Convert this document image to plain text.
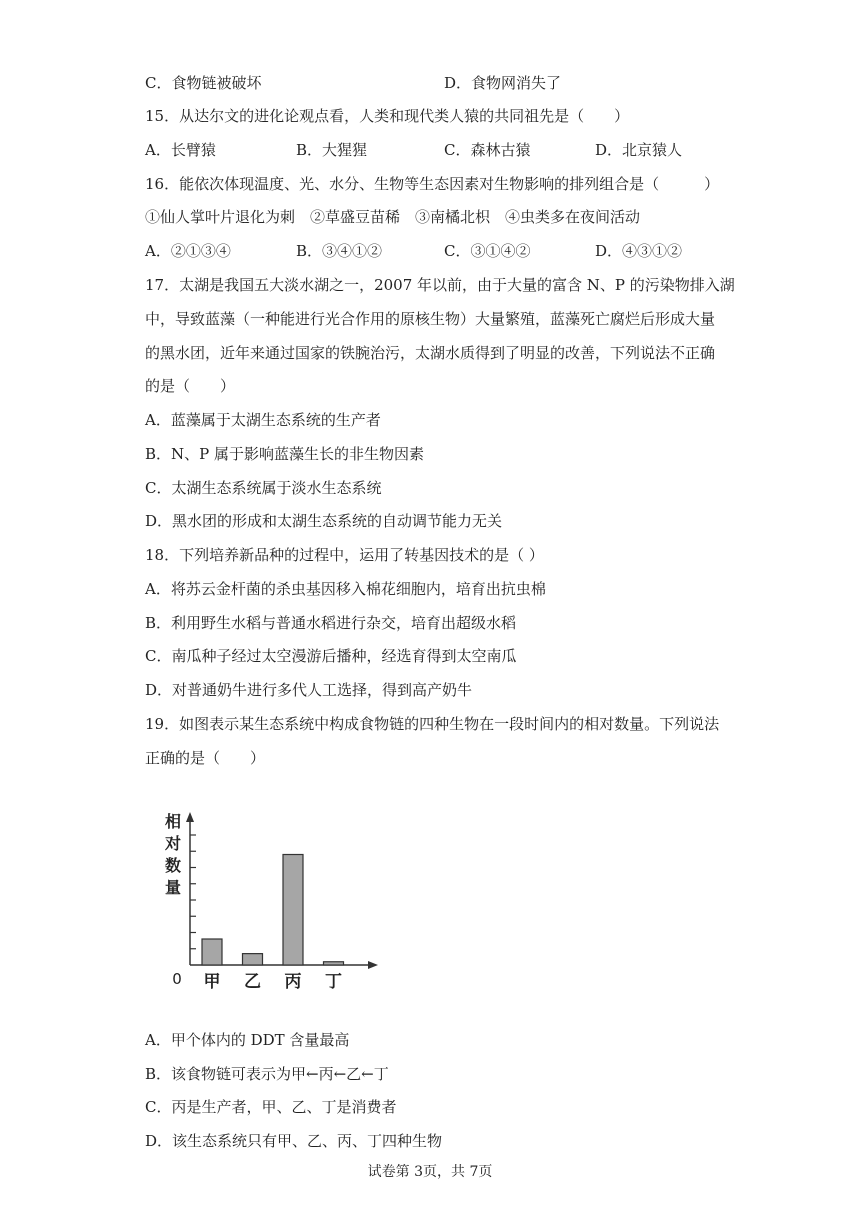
C．食物链被破坏	D．食物网消失了
15．从达尔文的进化论观点看，人类和现代类人猿的共同祖先是（　　）
A．长臂猿	B．大猩猩	C．森林古猿	D．北京猿人
16．能依次体现温度、光、水分、生物等生态因素对生物影响的排列组合是（　　　）
①仙人掌叶片退化为刺　②草盛豆苗稀　③南橘北枳　④虫类多在夜间活动
A．②①③④	B．③④①②	C．③①④②	D．④③①②
17．太湖是我国五大淡水湖之一，2007 年以前，由于大量的富含 N、P 的污染物排入湖
中，导致蓝藻（一种能进行光合作用的原核生物）大量繁殖，蓝藻死亡腐烂后形成大量
的黑水团，近年来通过国家的铁腕治污，太湖水质得到了明显的改善，下列说法不正确
的是（　　）
A．蓝藻属于太湖生态系统的生产者
B．N、P 属于影响蓝藻生长的非生物因素
C．太湖生态系统属于淡水生态系统
D．黑水团的形成和太湖生态系统的自动调节能力无关
18．下列培养新品种的过程中，运用了转基因技术的是（ ）
A．将苏云金杆菌的杀虫基因移入棉花细胞内，培育出抗虫棉
B．利用野生水稻与普通水稻进行杂交，培育出超级水稻
C．南瓜种子经过太空漫游后播种，经选育得到太空南瓜
D．对普通奶牛进行多代人工选择，得到高产奶牛
19．如图表示某生态系统中构成食物链的四种生物在一段时间内的相对数量。下列说法
正确的是（　　）
相
对
数
量
0 甲 乙 丙 丁
A．甲个体内的 DDT 含量最高
B．该食物链可表示为甲←丙←乙←丁
C．丙是生产者，甲、乙、丁是消费者
D．该生态系统只有甲、乙、丙、丁四种生物
试卷第 3页，共 7页
